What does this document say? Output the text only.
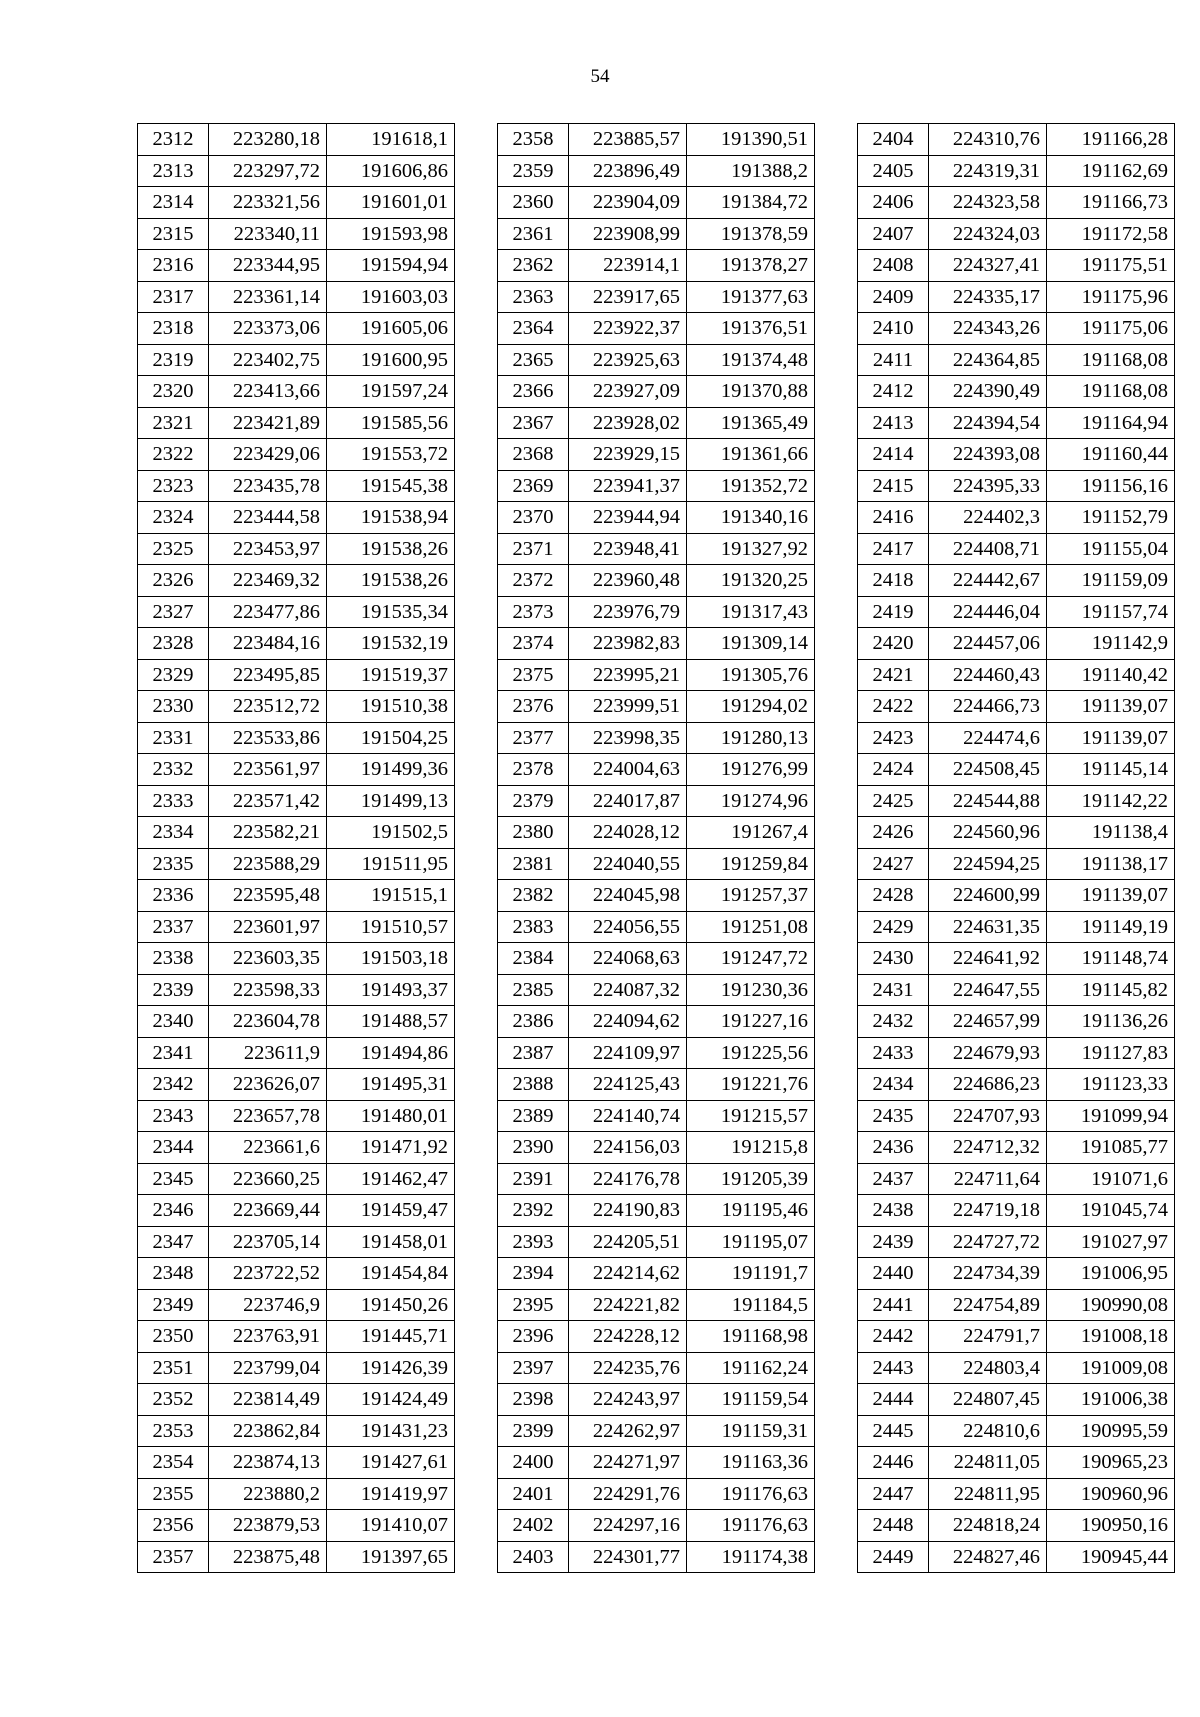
54
2312	223280,18	191618,1
2313	223297,72	191606,86
2314	223321,56	191601,01
2315	223340,11	191593,98
2316	223344,95	191594,94
2317	223361,14	191603,03
2318	223373,06	191605,06
2319	223402,75	191600,95
2320	223413,66	191597,24
2321	223421,89	191585,56
2322	223429,06	191553,72
2323	223435,78	191545,38
2324	223444,58	191538,94
2325	223453,97	191538,26
2326	223469,32	191538,26
2327	223477,86	191535,34
2328	223484,16	191532,19
2329	223495,85	191519,37
2330	223512,72	191510,38
2331	223533,86	191504,25
2332	223561,97	191499,36
2333	223571,42	191499,13
2334	223582,21	191502,5
2335	223588,29	191511,95
2336	223595,48	191515,1
2337	223601,97	191510,57
2338	223603,35	191503,18
2339	223598,33	191493,37
2340	223604,78	191488,57
2341	223611,9	191494,86
2342	223626,07	191495,31
2343	223657,78	191480,01
2344	223661,6	191471,92
2345	223660,25	191462,47
2346	223669,44	191459,47
2347	223705,14	191458,01
2348	223722,52	191454,84
2349	223746,9	191450,26
2350	223763,91	191445,71
2351	223799,04	191426,39
2352	223814,49	191424,49
2353	223862,84	191431,23
2354	223874,13	191427,61
2355	223880,2	191419,97
2356	223879,53	191410,07
2357	223875,48	191397,65
2358	223885,57	191390,51
2359	223896,49	191388,2
2360	223904,09	191384,72
2361	223908,99	191378,59
2362	223914,1	191378,27
2363	223917,65	191377,63
2364	223922,37	191376,51
2365	223925,63	191374,48
2366	223927,09	191370,88
2367	223928,02	191365,49
2368	223929,15	191361,66
2369	223941,37	191352,72
2370	223944,94	191340,16
2371	223948,41	191327,92
2372	223960,48	191320,25
2373	223976,79	191317,43
2374	223982,83	191309,14
2375	223995,21	191305,76
2376	223999,51	191294,02
2377	223998,35	191280,13
2378	224004,63	191276,99
2379	224017,87	191274,96
2380	224028,12	191267,4
2381	224040,55	191259,84
2382	224045,98	191257,37
2383	224056,55	191251,08
2384	224068,63	191247,72
2385	224087,32	191230,36
2386	224094,62	191227,16
2387	224109,97	191225,56
2388	224125,43	191221,76
2389	224140,74	191215,57
2390	224156,03	191215,8
2391	224176,78	191205,39
2392	224190,83	191195,46
2393	224205,51	191195,07
2394	224214,62	191191,7
2395	224221,82	191184,5
2396	224228,12	191168,98
2397	224235,76	191162,24
2398	224243,97	191159,54
2399	224262,97	191159,31
2400	224271,97	191163,36
2401	224291,76	191176,63
2402	224297,16	191176,63
2403	224301,77	191174,38
2404	224310,76	191166,28
2405	224319,31	191162,69
2406	224323,58	191166,73
2407	224324,03	191172,58
2408	224327,41	191175,51
2409	224335,17	191175,96
2410	224343,26	191175,06
2411	224364,85	191168,08
2412	224390,49	191168,08
2413	224394,54	191164,94
2414	224393,08	191160,44
2415	224395,33	191156,16
2416	224402,3	191152,79
2417	224408,71	191155,04
2418	224442,67	191159,09
2419	224446,04	191157,74
2420	224457,06	191142,9
2421	224460,43	191140,42
2422	224466,73	191139,07
2423	224474,6	191139,07
2424	224508,45	191145,14
2425	224544,88	191142,22
2426	224560,96	191138,4
2427	224594,25	191138,17
2428	224600,99	191139,07
2429	224631,35	191149,19
2430	224641,92	191148,74
2431	224647,55	191145,82
2432	224657,99	191136,26
2433	224679,93	191127,83
2434	224686,23	191123,33
2435	224707,93	191099,94
2436	224712,32	191085,77
2437	224711,64	191071,6
2438	224719,18	191045,74
2439	224727,72	191027,97
2440	224734,39	191006,95
2441	224754,89	190990,08
2442	224791,7	191008,18
2443	224803,4	191009,08
2444	224807,45	191006,38
2445	224810,6	190995,59
2446	224811,05	190965,23
2447	224811,95	190960,96
2448	224818,24	190950,16
2449	224827,46	190945,44
